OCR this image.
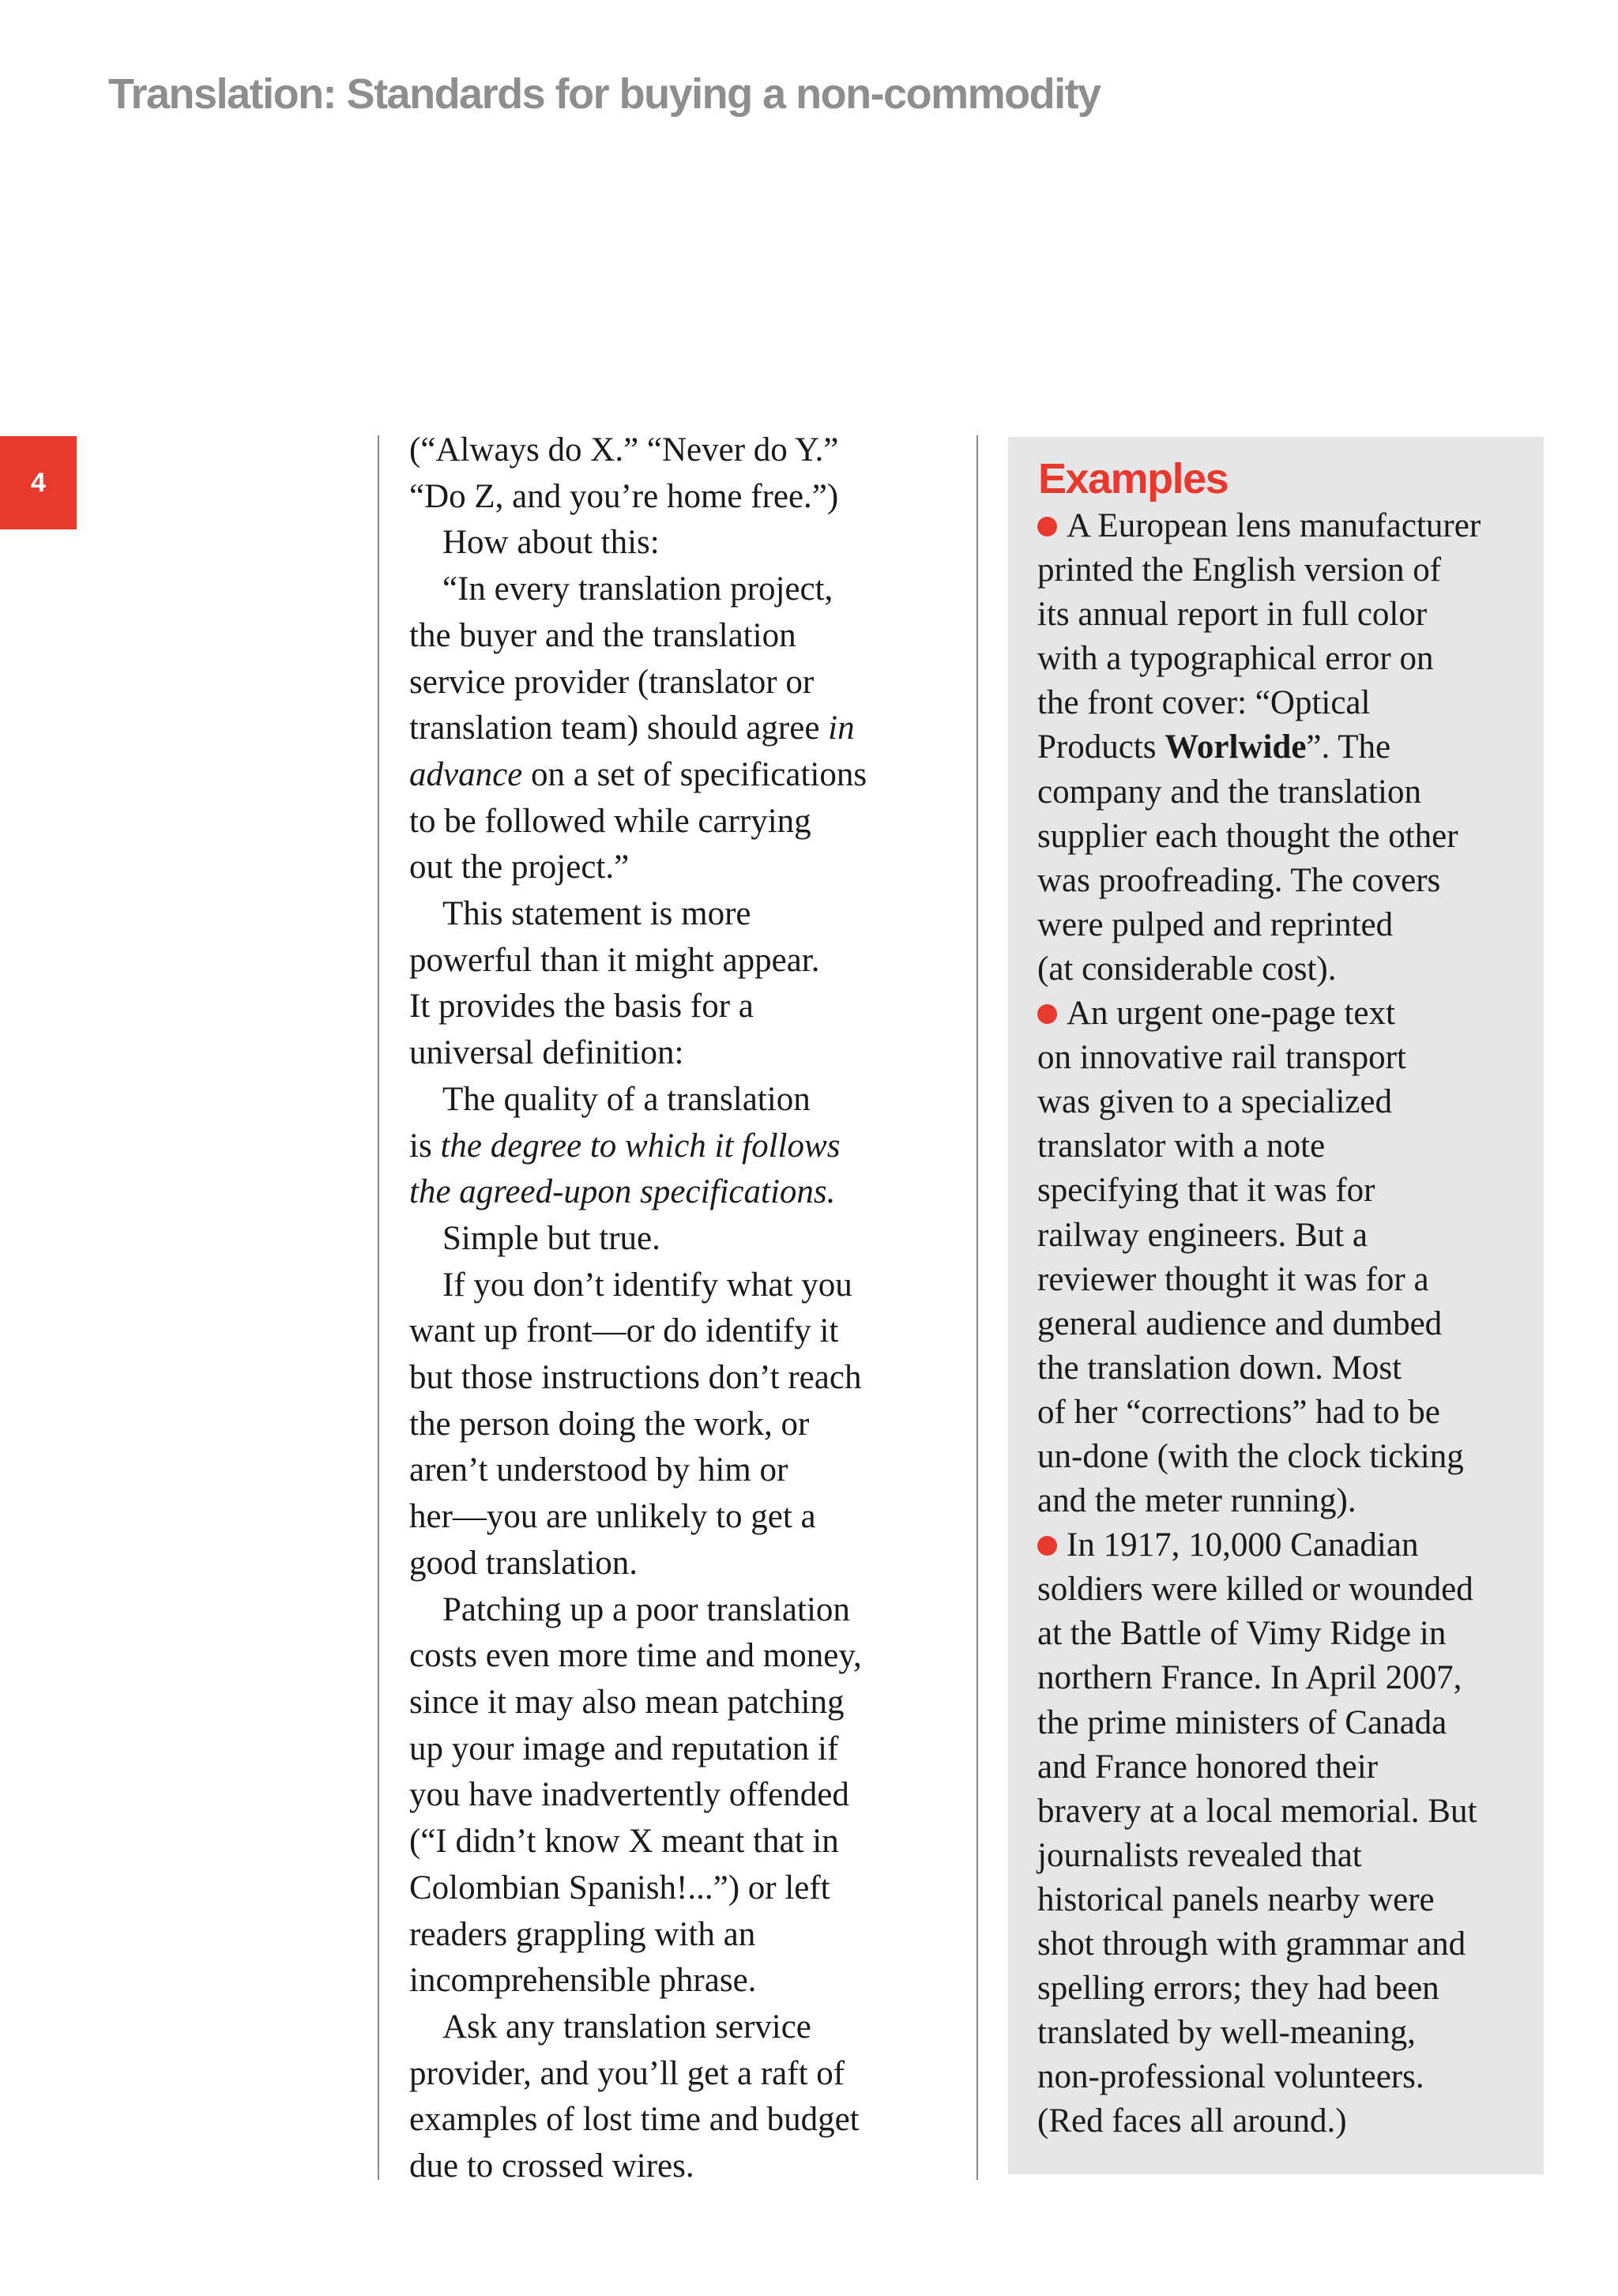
Translation: Standards for buying a non-commodity
4
(“Always do X.” “Never do Y.”
“Do Z, and you’re home free.”)
How about this:
“In every translation project,
the buyer and the translation
service provider (translator or
translation team) should agree in
advance on a set of specifications
to be followed while carrying
out the project.”
This statement is more
powerful than it might appear.
It provides the basis for a
universal definition:
The quality of a translation
is the degree to which it follows
the agreed-upon specifications.
Simple but true.
If you don’t identify what you
want up front—or do identify it
but those instructions don’t reach
the person doing the work, or
aren’t understood by him or
her—you are unlikely to get a
good translation.
Patching up a poor translation
costs even more time and money,
since it may also mean patching
up your image and reputation if
you have inadvertently offended
(“I didn’t know X meant that in
Colombian Spanish!...”) or left
readers grappling with an
incomprehensible phrase.
Ask any translation service
provider, and you’ll get a raft of
examples of lost time and budget
due to crossed wires.
Examples
A European lens manufacturer
printed the English version of
its annual report in full color
with a typographical error on
the front cover: “Optical
Products Worlwide”. The
company and the translation
supplier each thought the other
was proofreading. The covers
were pulped and reprinted
(at considerable cost).
An urgent one-page text
on innovative rail transport
was given to a specialized
translator with a note
specifying that it was for
railway engineers. But a
reviewer thought it was for a
general audience and dumbed
the translation down. Most
of her “corrections” had to be
un-done (with the clock ticking
and the meter running).
In 1917, 10,000 Canadian
soldiers were killed or wounded
at the Battle of Vimy Ridge in
northern France. In April 2007,
the prime ministers of Canada
and France honored their
bravery at a local memorial. But
journalists revealed that
historical panels nearby were
shot through with grammar and
spelling errors; they had been
translated by well-meaning,
non-professional volunteers.
(Red faces all around.)
